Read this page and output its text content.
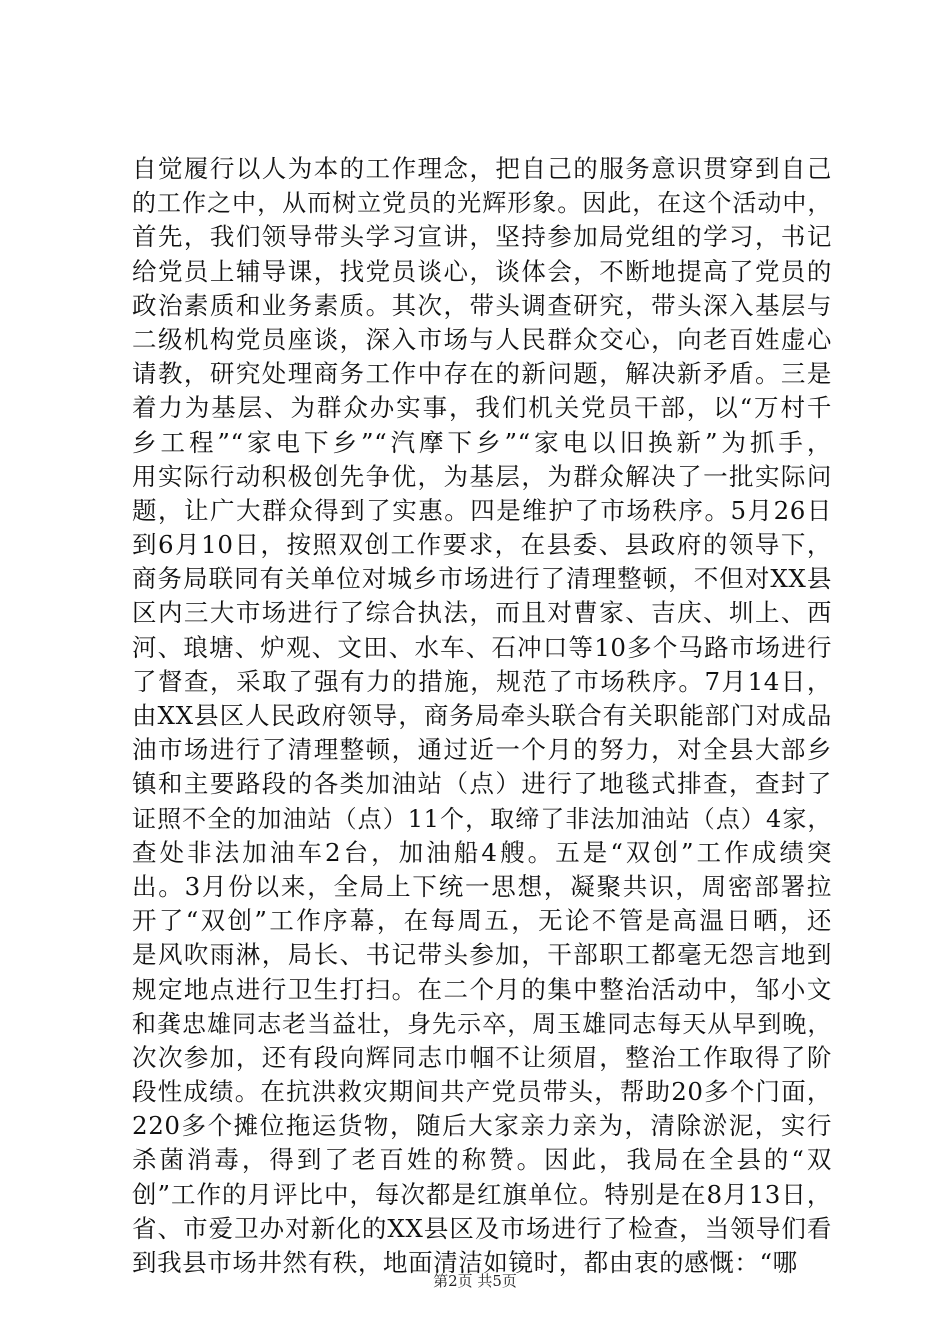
自觉履行以人为本的工作理念，把自己的服务意识贯穿到自己
的工作之中，从而树立党员的光辉形象。因此，在这个活动中，
首先，我们领导带头学习宣讲，坚持参加局党组的学习，书记
给党员上辅导课，找党员谈心，谈体会，不断地提高了党员的
政治素质和业务素质。其次，带头调查研究，带头深入基层与
二级机构党员座谈，深入市场与人民群众交心，向老百姓虚心
请教，研究处理商务工作中存在的新问题，解决新矛盾。三是
着力为基层、为群众办实事，我们机关党员干部，以“万村千
乡工程”“家电下乡”“汽摩下乡”“家电以旧换新”为抓手，
用实际行动积极创先争优，为基层，为群众解决了一批实际问
题，让广大群众得到了实惠。四是维护了市场秩序。5月26日
到6月10日，按照双创工作要求，在县委、县政府的领导下，
商务局联同有关单位对城乡市场进行了清理整顿，不但对XX县
区内三大市场进行了综合执法，而且对曹家、吉庆、圳上、西
河、琅塘、炉观、文田、水车、石冲口等10多个马路市场进行
了督查，采取了强有力的措施，规范了市场秩序。7月14日，
由XX县区人民政府领导，商务局牵头联合有关职能部门对成品
油市场进行了清理整顿，通过近一个月的努力，对全县大部乡
镇和主要路段的各类加油站（点）进行了地毯式排查，查封了
证照不全的加油站（点）11个，取缔了非法加油站（点）4家，
查处非法加油车2台，加油船4艘。五是“双创”工作成绩突
出。3月份以来，全局上下统一思想，凝聚共识，周密部署拉
开了“双创”工作序幕，在每周五，无论不管是高温日晒，还
是风吹雨淋，局长、书记带头参加，干部职工都毫无怨言地到
规定地点进行卫生打扫。在二个月的集中整治活动中，邹小文
和龚忠雄同志老当益壮，身先示卒，周玉雄同志每天从早到晚，
次次参加，还有段向辉同志巾帼不让须眉，整治工作取得了阶
段性成绩。在抗洪救灾期间共产党员带头，帮助20多个门面，
220多个摊位拖运货物，随后大家亲力亲为，清除淤泥，实行
杀菌消毒，得到了老百姓的称赞。因此，我局在全县的“双
创”工作的月评比中，每次都是红旗单位。特别是在8月13日，
省、市爱卫办对新化的XX县区及市场进行了检查，当领导们看
到我县市场井然有秩，地面清洁如镜时，都由衷的感慨：“哪
第2页 共5页
